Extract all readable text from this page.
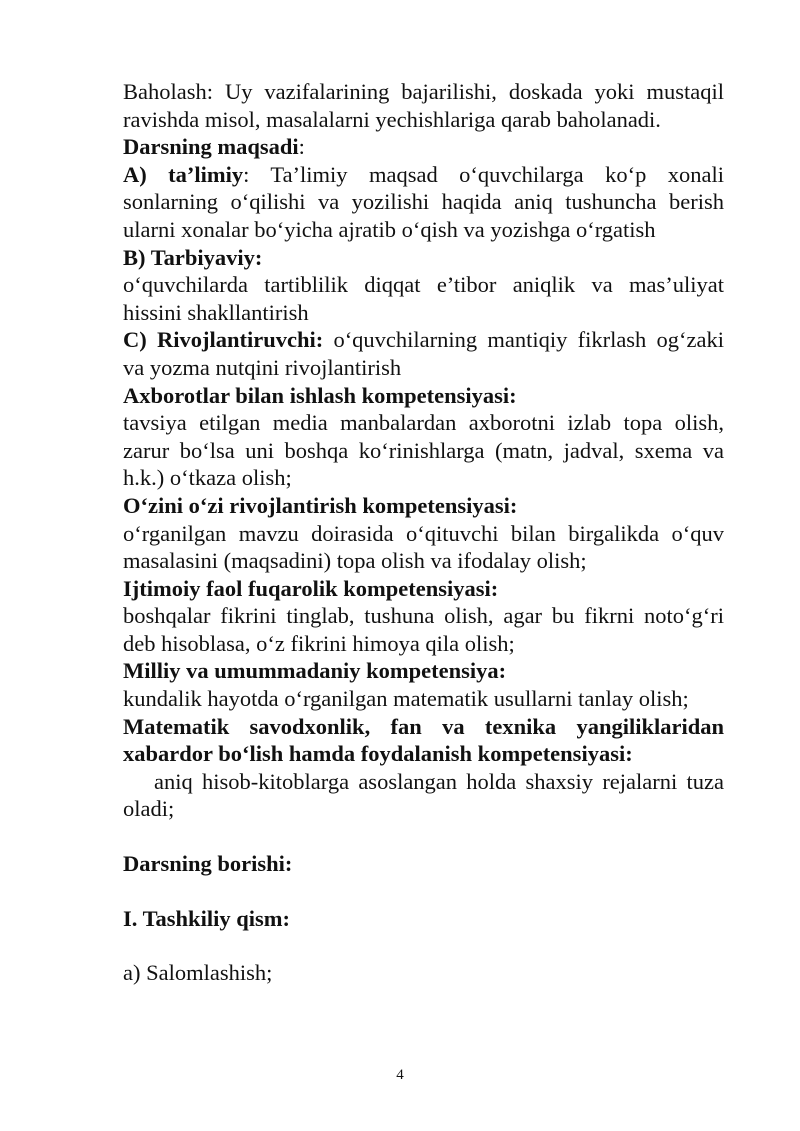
Baholash: Uy vazifalarining bajarilishi, doskada yoki mustaqil ravishda misol, masalalarni yechishlariga qarab baholanadi.

Darsning maqsadi:

A) ta’limiy: Ta’limiy maqsad o‘quvchilarga ko‘p xonali sonlarning o‘qilishi va yozilishi haqida aniq tushuncha berish ularni xonalar bo‘yicha ajratib o‘qish va yozishga o‘rgatish

B) Tarbiyaviy:

o‘quvchilarda tartiblilik diqqat e’tibor aniqlik va mas’uliyat hissini shakllantirish

C) Rivojlantiruvchi: o‘quvchilarning mantiqiy fikrlash og‘zaki va yozma nutqini rivojlantirish

Axborotlar bilan ishlash kompetensiyasi:

tavsiya etilgan media manbalardan axborotni izlab topa olish, zarur bo‘lsa uni boshqa ko‘rinishlarga (matn, jadval, sxema va h.k.) o‘tkaza olish;

O‘zini o‘zi rivojlantirish kompetensiyasi:

o‘rganilgan mavzu doirasida o‘qituvchi bilan birgalikda o‘quv masalasini (maqsadini) topa olish va ifodalay olish;

Ijtimoiy faol fuqarolik kompetensiyasi:

boshqalar fikrini tinglab, tushuna olish, agar bu fikrni noto‘g‘ri deb hisoblasa, o‘z fikrini himoya qila olish;

Milliy va umummadaniy kompetensiya:

kundalik hayotda o‘rganilgan matematik usullarni tanlay olish;

Matematik savodxonlik, fan va texnika yangiliklaridan xabardor bo‘lish hamda foydalanish kompetensiyasi:

aniq hisob-kitoblarga asoslangan holda shaxsiy rejalarni tuza oladi;

Darsning borishi:

I. Tashkiliy qism:

a) Salomlashish;

4
